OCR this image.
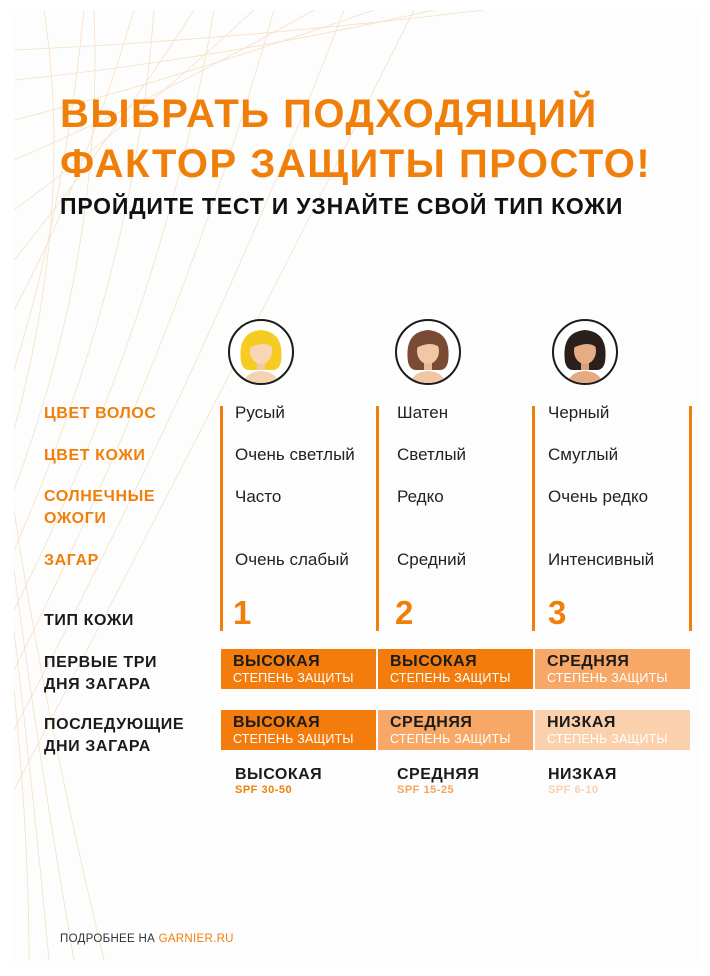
ВЫБРАТЬ ПОДХОДЯЩИЙ
ФАКТОР ЗАЩИТЫ ПРОСТО!
ПРОЙДИТЕ ТЕСТ И УЗНАЙТЕ СВОЙ ТИП КОЖИ
ЦВЕТ ВОЛОС
ЦВЕТ КОЖИ
СОЛНЕЧНЫЕ
ОЖОГИ
ЗАГАР
ТИП КОЖИ
ПЕРВЫЕ ТРИ
ДНЯ ЗАГАРА
ПОСЛЕДУЮЩИЕ
ДНИ ЗАГАРА
Русый
Очень светлый
Часто
Очень слабый
1
Шатен
Светлый
Редко
Средний
2
Черный
Смуглый
Очень редко
Интенсивный
3
ВЫСОКАЯ
СТЕПЕНЬ ЗАЩИТЫ
ВЫСОКАЯ
СТЕПЕНЬ ЗАЩИТЫ
СРЕДНЯЯ
СТЕПЕНЬ ЗАЩИТЫ
ВЫСОКАЯ
СТЕПЕНЬ ЗАЩИТЫ
СРЕДНЯЯ
СТЕПЕНЬ ЗАЩИТЫ
НИЗКАЯ
СТЕПЕНЬ ЗАЩИТЫ
ВЫСОКАЯ
SPF 30-50
СРЕДНЯЯ
SPF 15-25
НИЗКАЯ
SPF 6-10
ПОДРОБНЕЕ НА GARNIER.RU
